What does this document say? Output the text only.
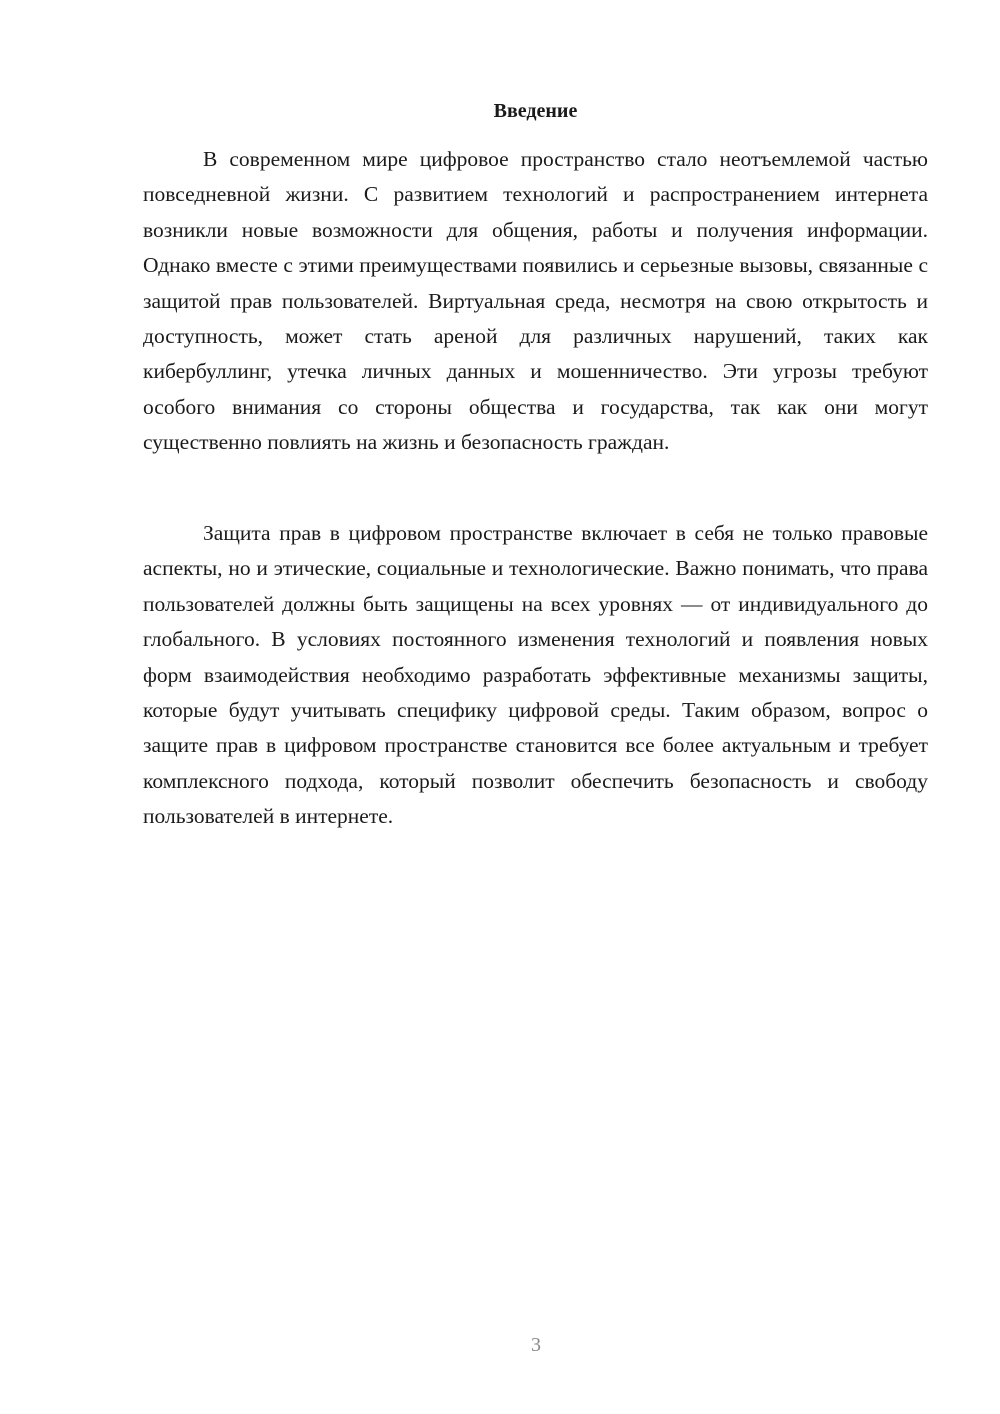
Введение

В современном мире цифровое пространство стало неотъемлемой частью повседневной жизни. С развитием технологий и распространением интернета возникли новые возможности для общения, работы и получения информации. Однако вместе с этими преимуществами появились и серьезные вызовы, связанные с защитой прав пользователей. Виртуальная среда, несмотря на свою открытость и доступность, может стать ареной для различных нарушений, таких как кибербуллинг, утечка личных данных и мошенничество. Эти угрозы требуют особого внимания со стороны общества и государства, так как они могут существенно повлиять на жизнь и безопасность граждан.

Защита прав в цифровом пространстве включает в себя не только правовые аспекты, но и этические, социальные и технологические. Важно понимать, что права пользователей должны быть защищены на всех уровнях — от индивидуального до глобального. В условиях постоянного изменения технологий и появления новых форм взаимодействия необходимо разработать эффективные механизмы защиты, которые будут учитывать специфику цифровой среды. Таким образом, вопрос о защите прав в цифровом пространстве становится все более актуальным и требует комплексного подхода, который позволит обеспечить безопасность и свободу пользователей в интернете.

3
